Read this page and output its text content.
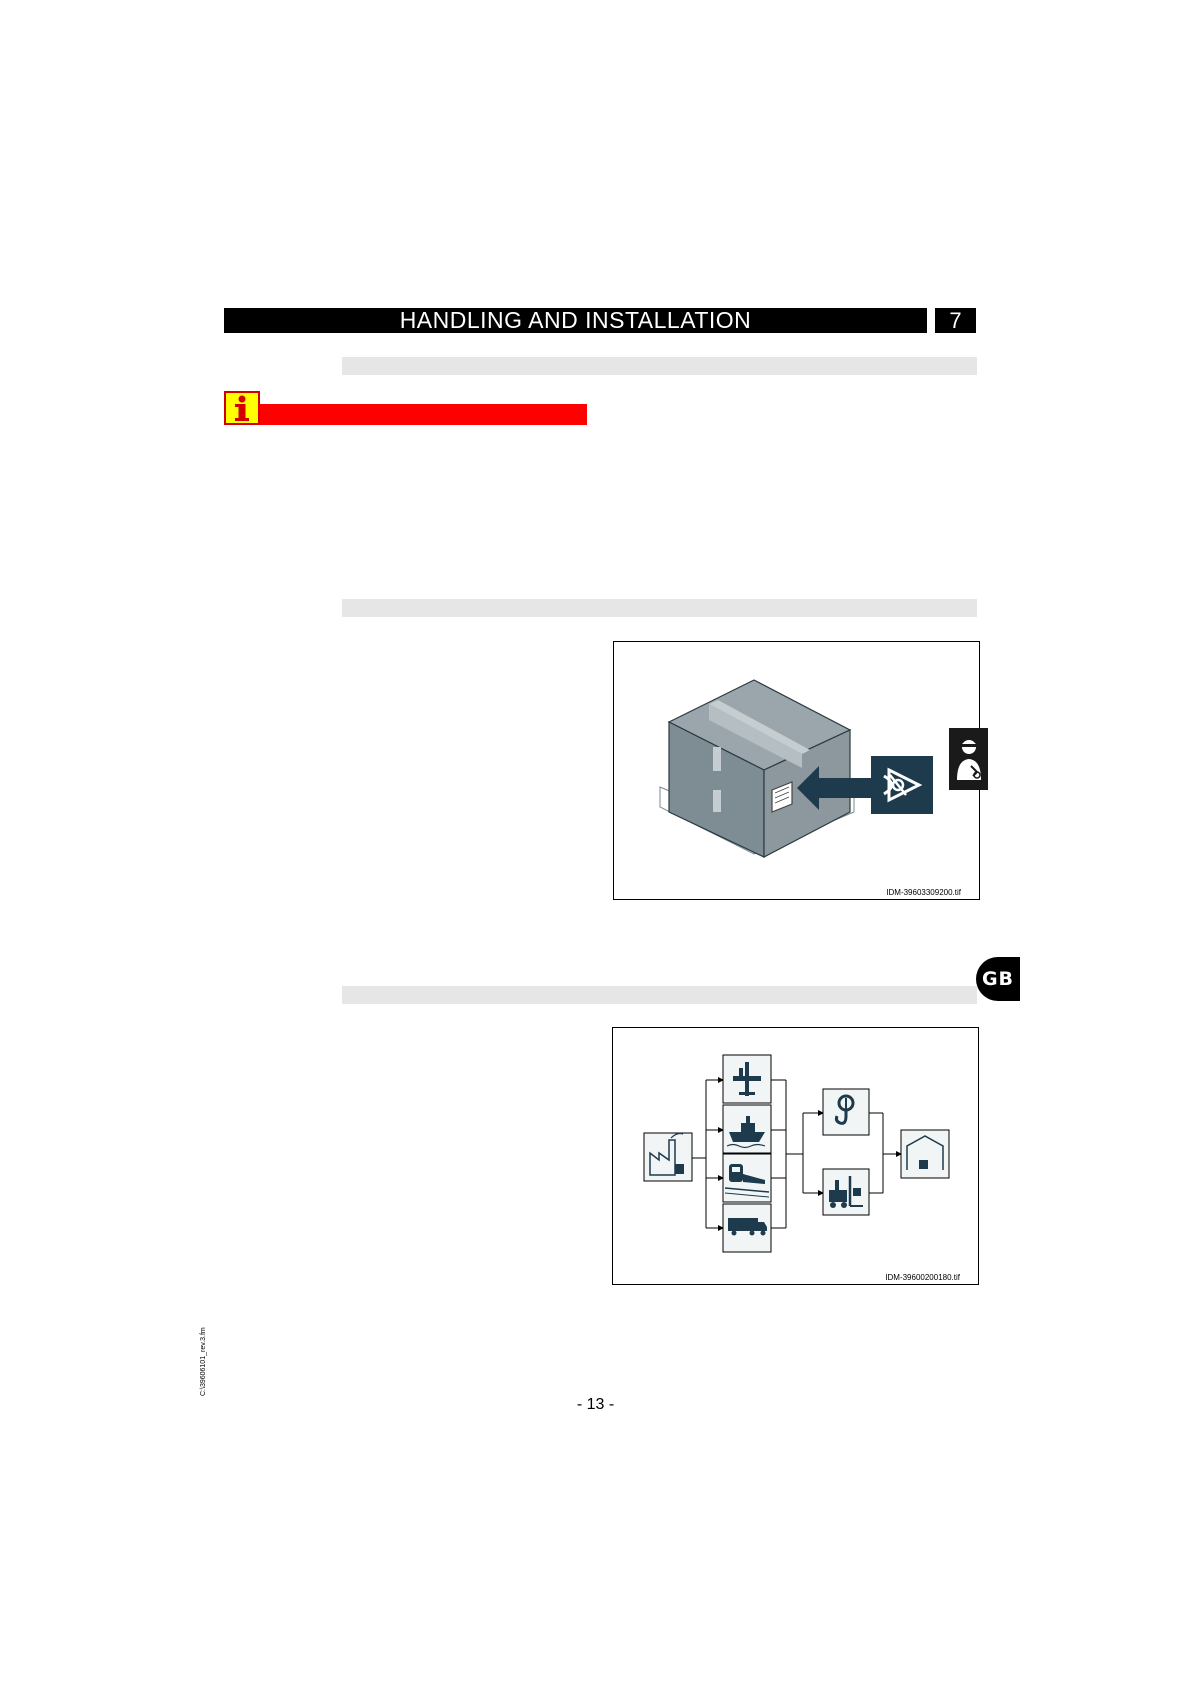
HANDLING AND INSTALLATION	7
IDM-39603309200.tif
GB
IDM-39600200180.tif
C:\39606101_rev.3.fm
- 13 -
